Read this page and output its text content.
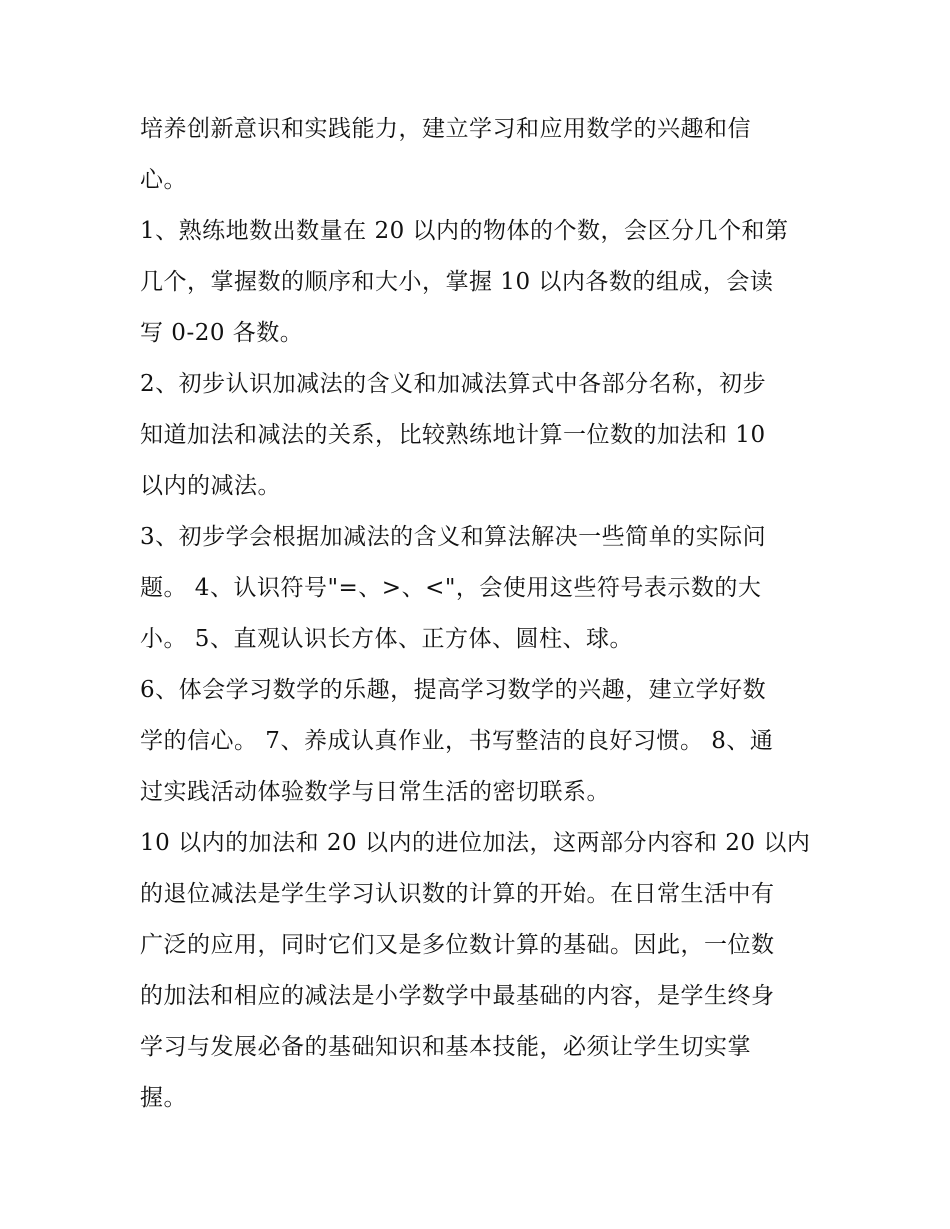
培养创新意识和实践能力，建立学习和应用数学的兴趣和信
心。
1、熟练地数出数量在 20 以内的物体的个数，会区分几个和第
几个，掌握数的顺序和大小，掌握 10 以内各数的组成，会读
写 0-20 各数。
2、初步认识加减法的含义和加减法算式中各部分名称，初步
知道加法和减法的关系，比较熟练地计算一位数的加法和 10
以内的减法。
3、初步学会根据加减法的含义和算法解决一些简单的实际问
题。 4、认识符号"=、>、<"，会使用这些符号表示数的大
小。 5、直观认识长方体、正方体、圆柱、球。
6、体会学习数学的乐趣，提高学习数学的兴趣，建立学好数
学的信心。 7、养成认真作业，书写整洁的良好习惯。 8、通
过实践活动体验数学与日常生活的密切联系。
10 以内的加法和 20 以内的进位加法，这两部分内容和 20 以内
的退位减法是学生学习认识数的计算的开始。在日常生活中有
广泛的应用，同时它们又是多位数计算的基础。因此，一位数
的加法和相应的减法是小学数学中最基础的内容，是学生终身
学习与发展必备的基础知识和基本技能，必须让学生切实掌
握。
